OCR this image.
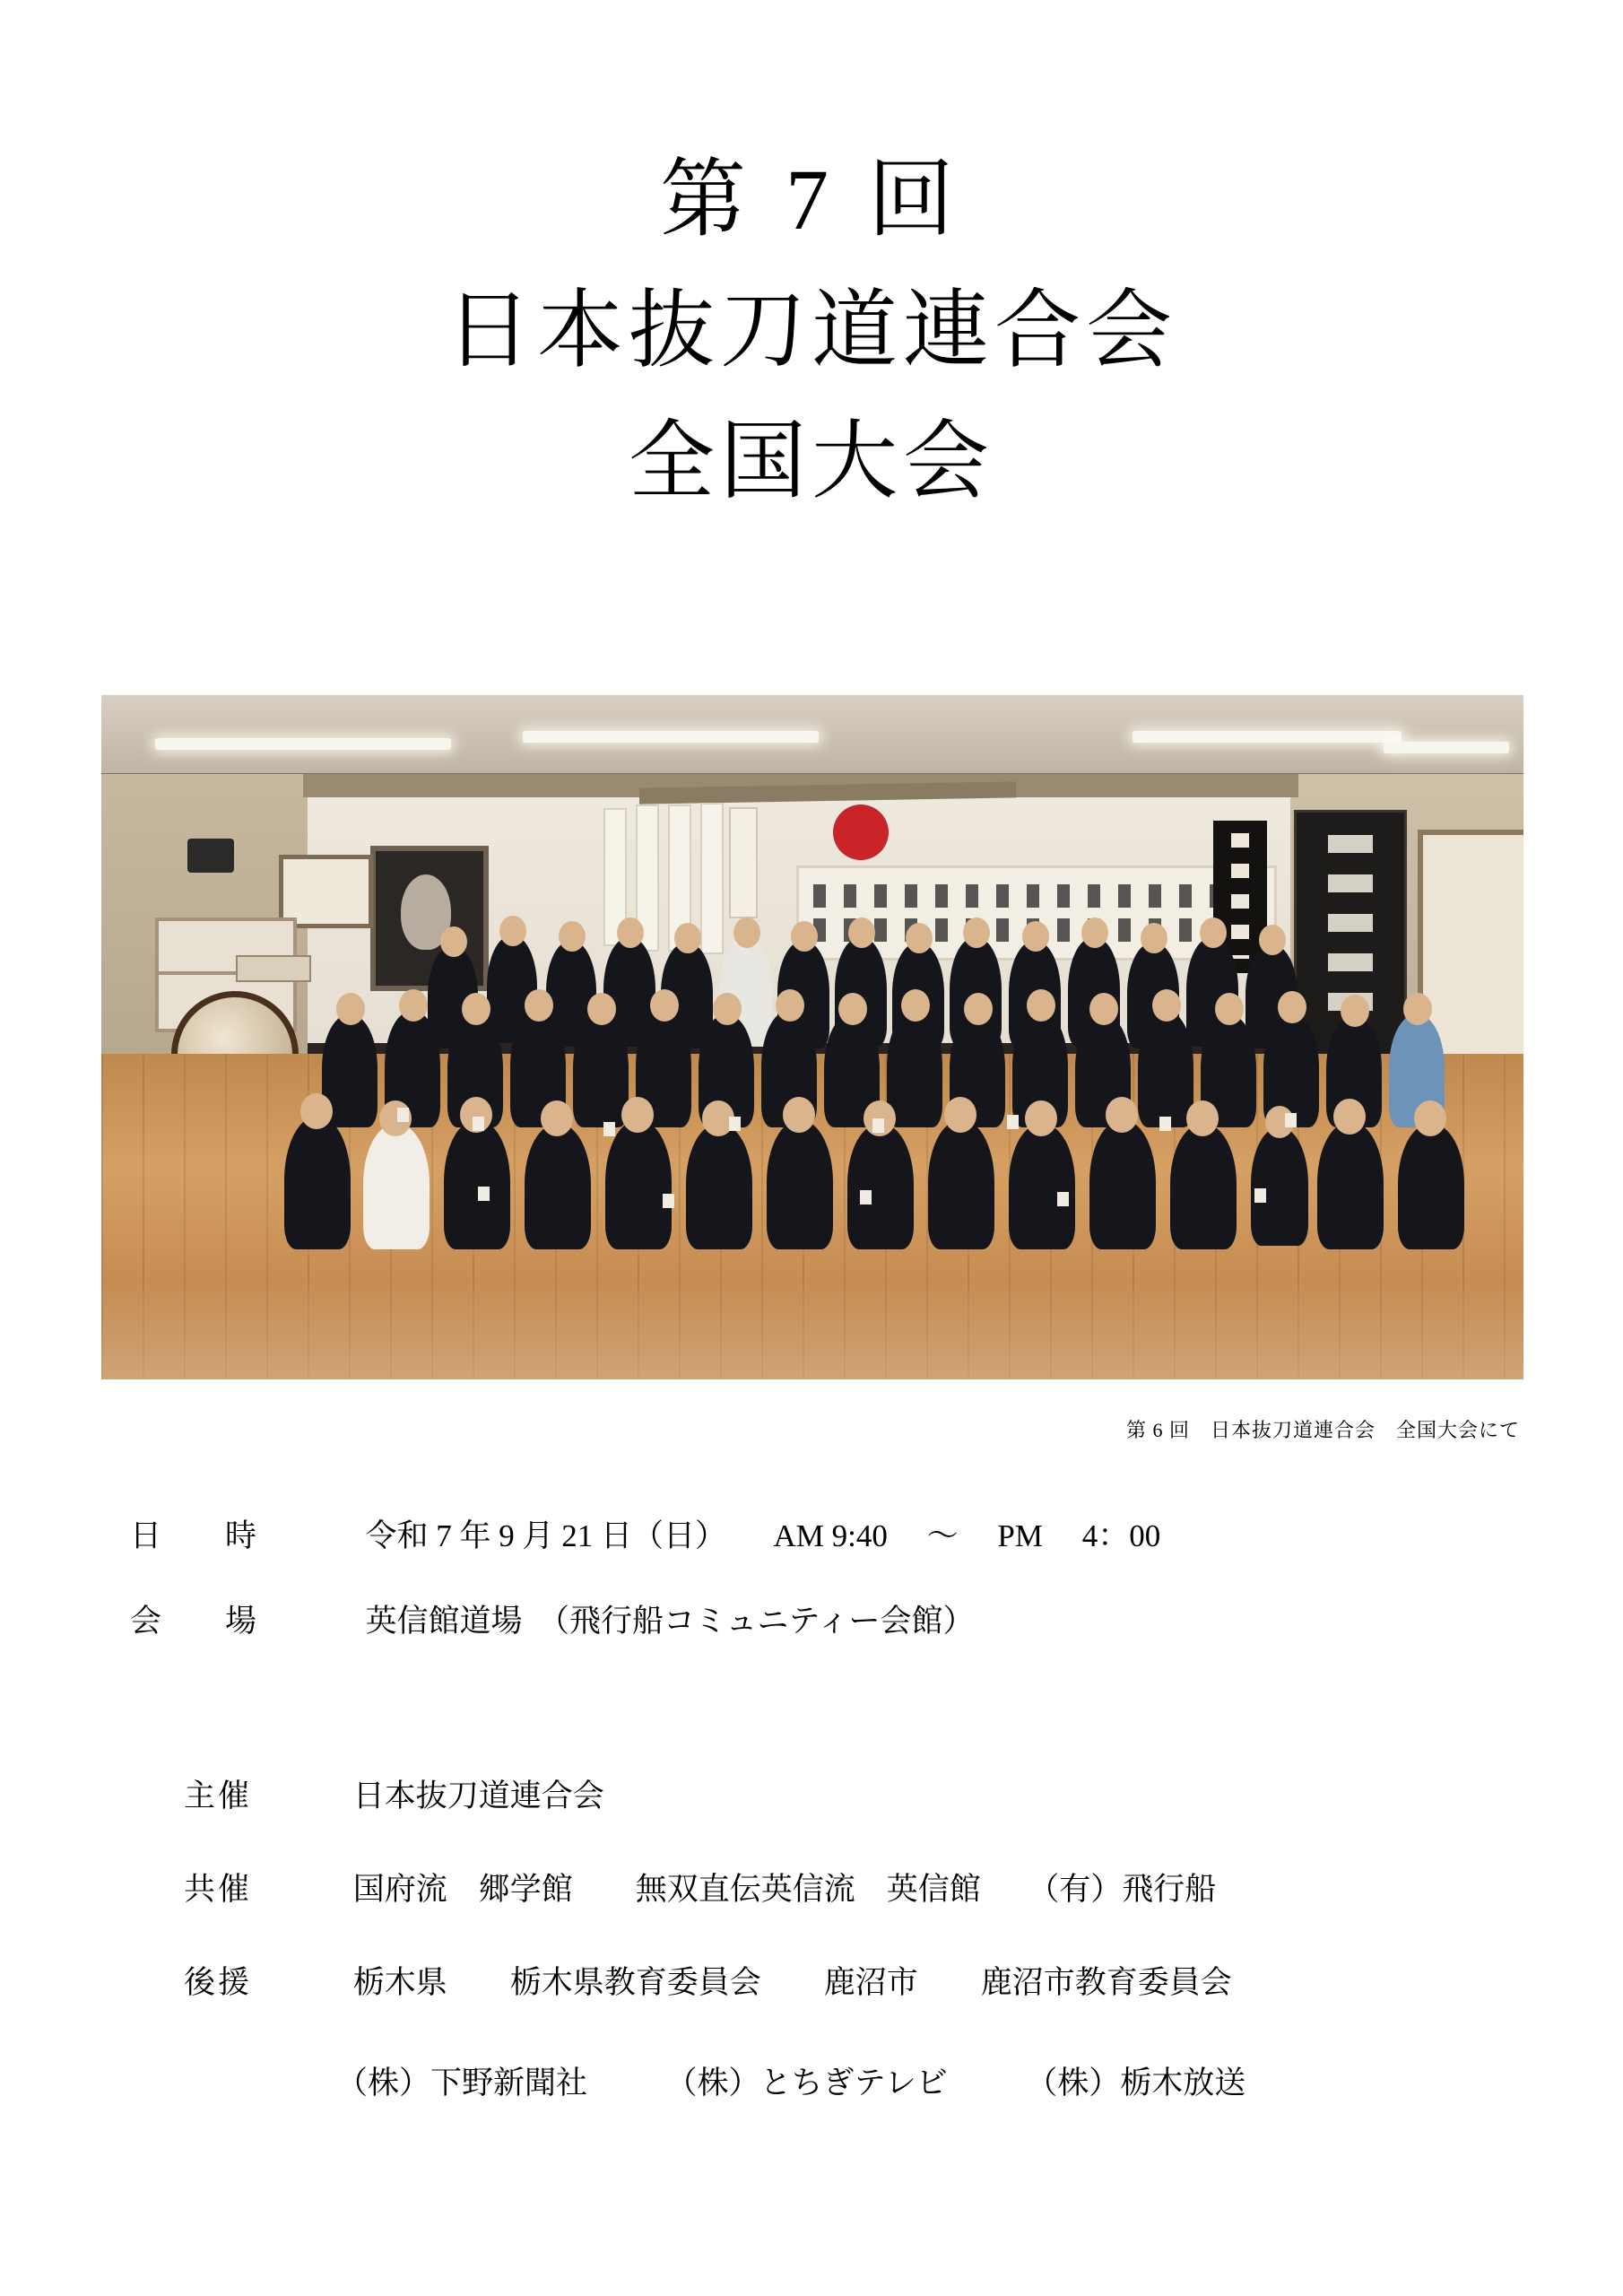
第 7 回
日本抜刀道連合会
全国大会
第 6 回　日本抜刀道連合会　全国大会にて
日　時	令和 7 年 9 月 21 日（日）　　AM 9:40 　〜 　PM 　4：00
会　場	英信館道場　（飛行船コミュニティー会館）
主催	日本抜刀道連合会
共催	国府流　郷学館　　無双直伝英信流　英信館　　（有）飛行船
後援	栃木県　　栃木県教育委員会　　鹿沼市　　鹿沼市教育委員会
（株）下野新聞社　　　（株）とちぎテレビ　　　（株）栃木放送
